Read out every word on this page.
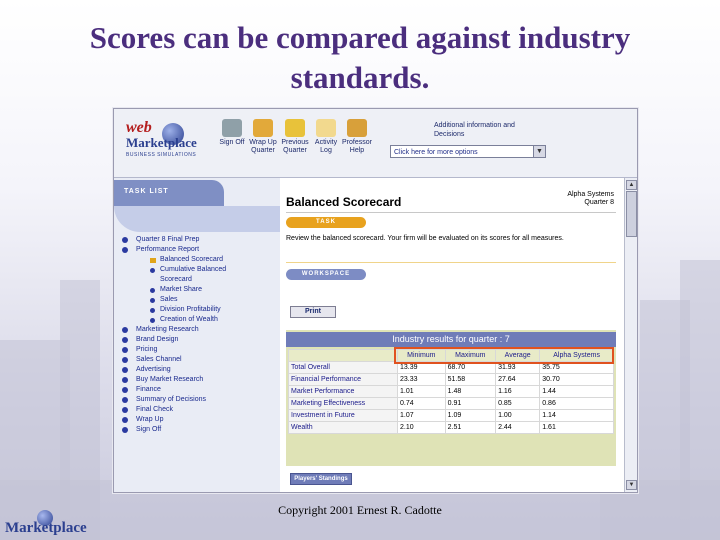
Scores can be compared against industry
standards.
web
Marketplace
BUSINESS SIMULATIONS
Sign Off Wrap Up Quarter
Previous Quarter
Activity Log
Professor Help
Additional information and Decisions
Click here for more options	▼
TASK LIST
Quarter 8 Final Prep
Performance Report
Balanced Scorecard
Cumulative Balanced
Scorecard
Market Share
Sales
Division Profitability
Creation of Wealth
Marketing Research
Brand Design
Pricing
Sales Channel
Advertising
Buy Market Research
Finance
Summary of Decisions
Final Check
Wrap Up
Sign Off
Balanced Scorecard
Alpha Systems
Quarter 8
TASK
Review the balanced scorecard. Your firm will be evaluated on its scores for all measures.
WORKSPACE
Print
Industry results for quarter : 7
	Minimum	Maximum	Average	Alpha Systems
Total Overall	13.39	68.70	31.93	35.75
Financial Performance	23.33	51.58	27.64	30.70
Market Performance	1.01	1.48	1.16	1.44
Marketing Effectiveness	0.74	0.91	0.85	0.86
Investment in Future	1.07	1.09	1.00	1.14
Wealth	2.10	2.51	2.44	1.61
Players' Standings
▲
▼
Copyright 2001 Ernest R. Cadotte
Marketplace
